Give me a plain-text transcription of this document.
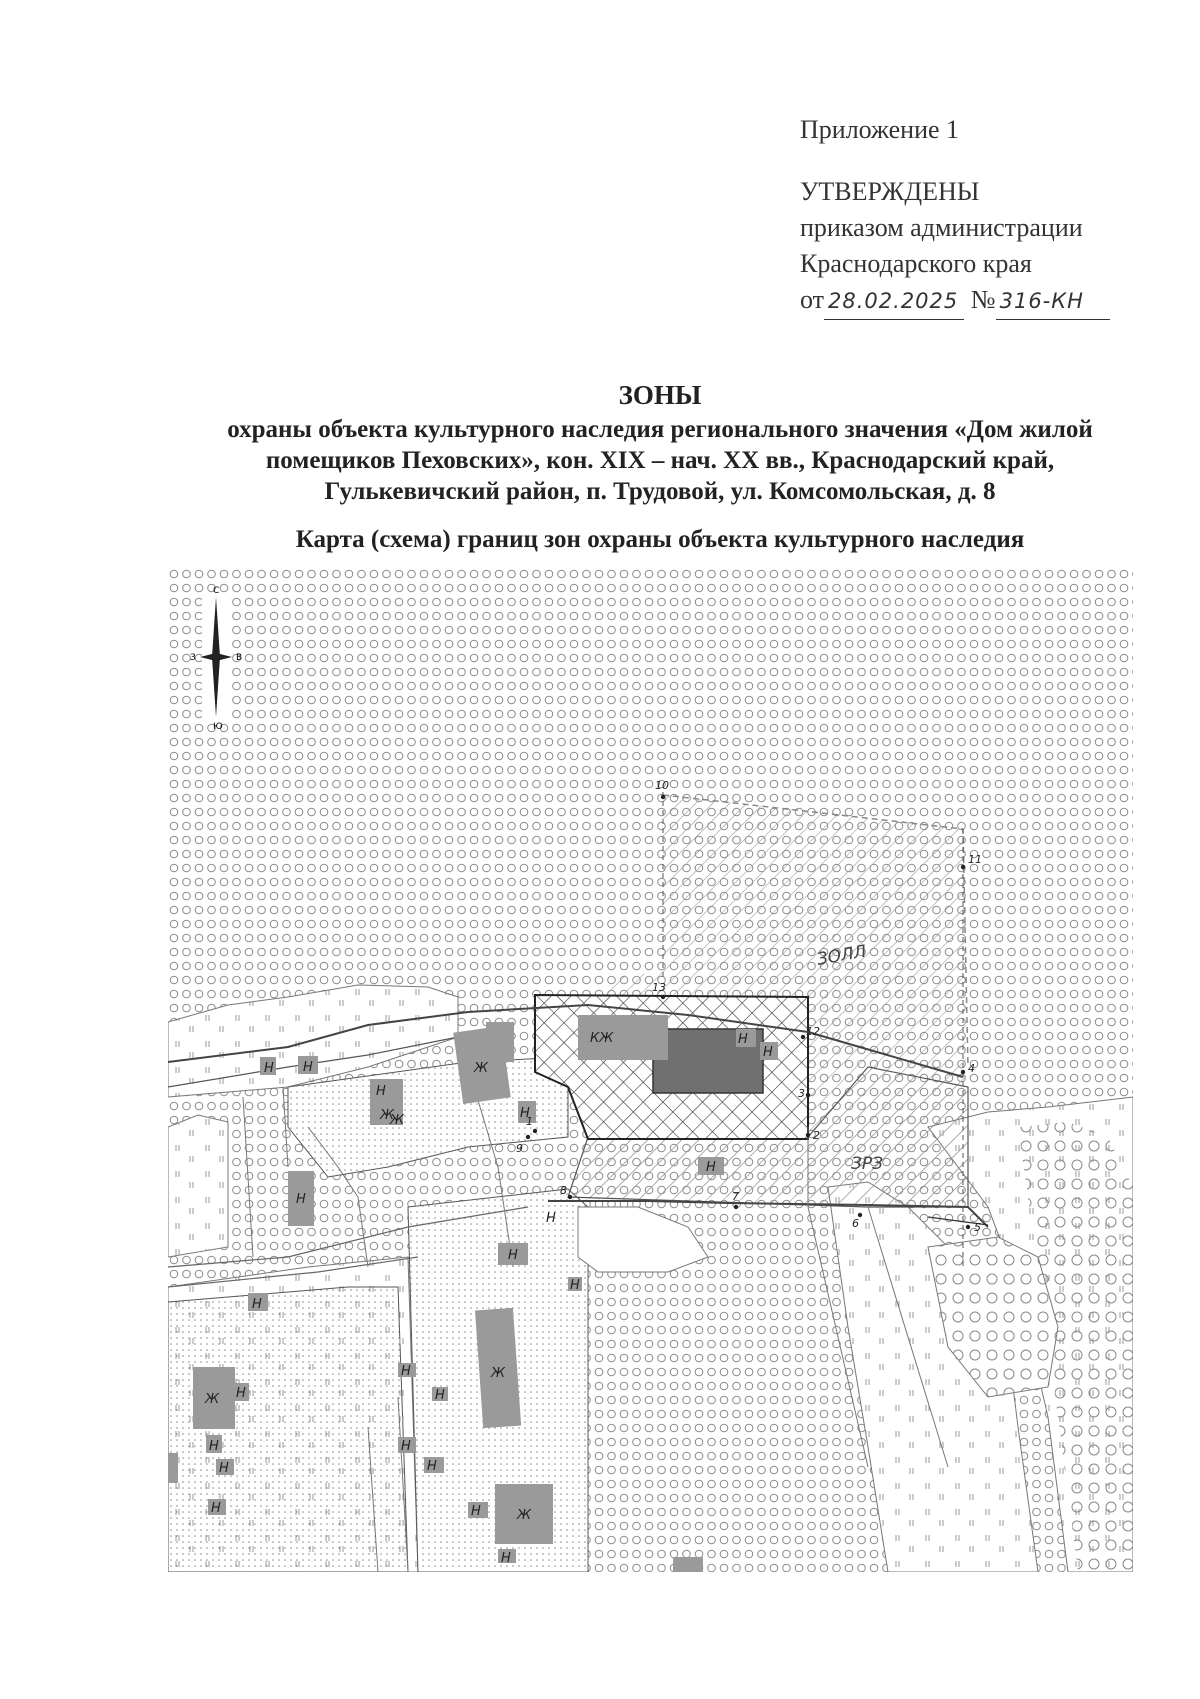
Приложение 1
УТВЕРЖДЕНЫ
приказом администрации
Краснодарского края
от 28.02.2025 № 316-КН
ЗОНЫ
охраны объекта культурного наследия регионального значения «Дом жилой помещиков Пеховских», кон. XIX – нач. XX вв., Краснодарский край, Гулькевичский район, п. Трудовой, ул. Комсомольская, д. 8
Карта (схема) границ зон охраны объекта культурного наследия
Н Н
Н
Ж
Ж
Ж
Н
Н
КЖ
Н
Н
Н
Ж
Н
Ж Н
Н
Н
Н
Н
Н
Н
Н
Н	Ж
Н
Н
Н
Н
ЗОЛЛ
ЗРЗ
1
2
3
4
5
6
7
8
9
10
11
12
13
С
Ю
З	В
